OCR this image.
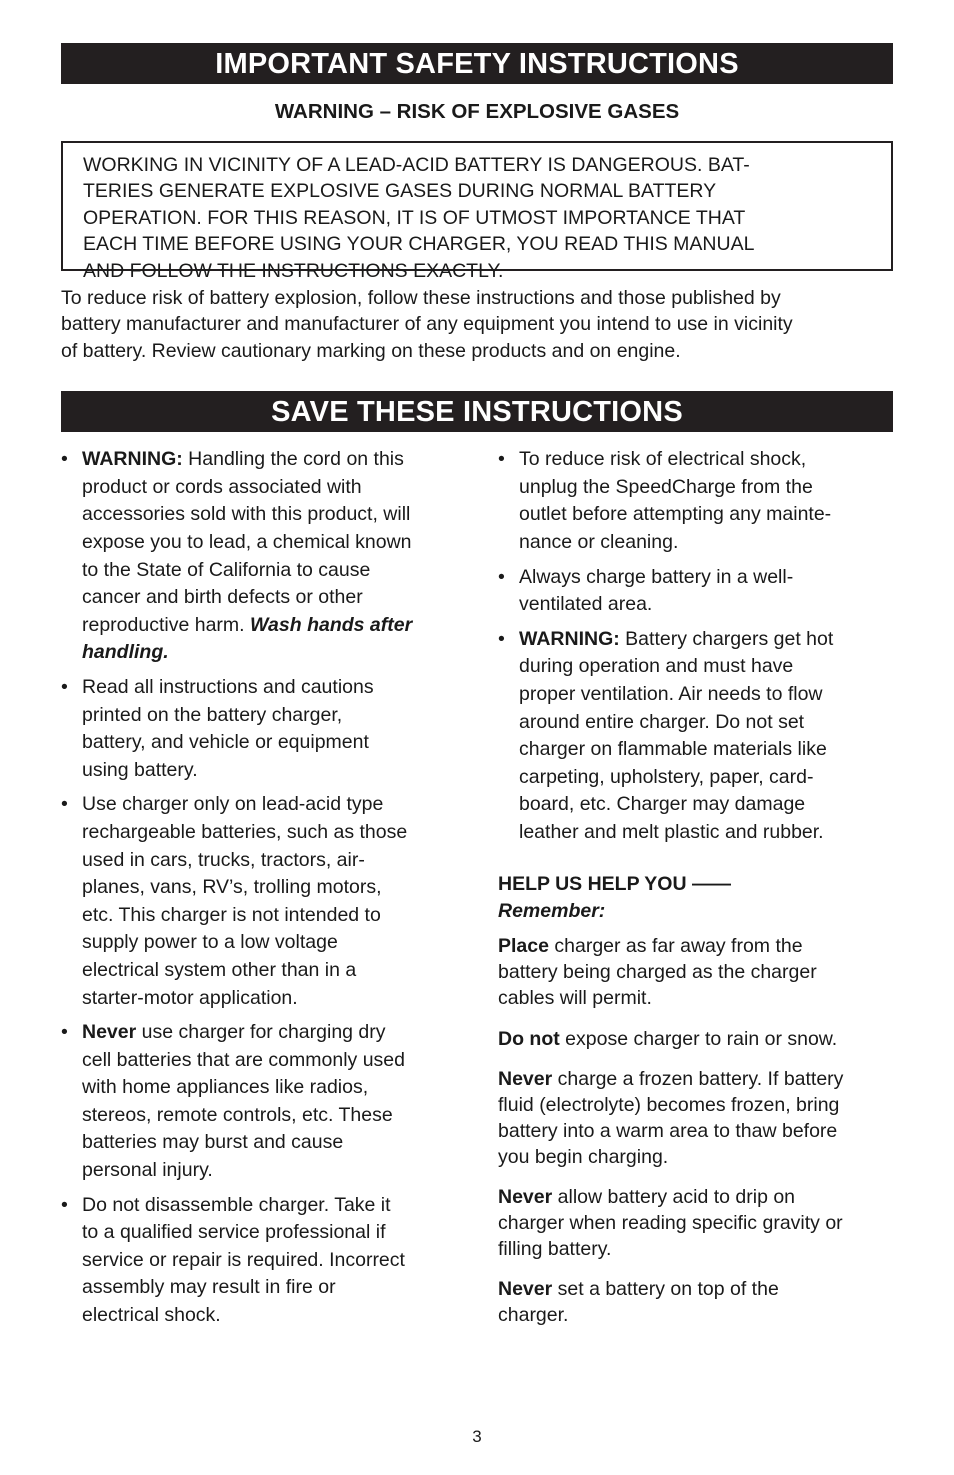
IMPORTANT SAFETY INSTRUCTIONS
WARNING – RISK OF EXPLOSIVE GASES
WORKING IN VICINITY OF A LEAD-ACID BATTERY IS DANGEROUS. BAT-
TERIES GENERATE EXPLOSIVE GASES DURING NORMAL BATTERY
OPERATION. FOR THIS REASON, IT IS OF UTMOST IMPORTANCE THAT
EACH TIME BEFORE USING YOUR CHARGER, YOU READ THIS MANUAL
AND FOLLOW THE INSTRUCTIONS EXACTLY.
To reduce risk of battery explosion, follow these instructions and those published by
battery manufacturer and manufacturer of any equipment you intend to use in vicinity
of battery. Review cautionary marking on these products and on engine.
SAVE THESE INSTRUCTIONS
• WARNING: Handling the cord on this
product or cords associated with
accessories sold with this product, will
expose you to lead, a chemical known
to the State of California to cause
cancer and birth defects or other
reproductive harm. Wash hands after
handling.
• Read all instructions and cautions
printed on the battery charger,
battery, and vehicle or equipment
using battery.
• Use charger only on lead-acid type
rechargeable batteries, such as those
used in cars, trucks, tractors, air-
planes, vans, RV’s, trolling motors,
etc. This charger is not intended to
supply power to a low voltage
electrical system other than in a
starter-motor application.
• Never use charger for charging dry
cell batteries that are commonly used
with home appliances like radios,
stereos, remote controls, etc. These
batteries may burst and cause
personal injury.
• Do not disassemble charger. Take it
to a qualified service professional if
service or repair is required. Incorrect
assembly may result in fire or
electrical shock.
• To reduce risk of electrical shock,
unplug the SpeedCharge from the
outlet before attempting any mainte-
nance or cleaning.
• Always charge battery in a well-
ventilated area.
• WARNING: Battery chargers get hot
during operation and must have
proper ventilation. Air needs to flow
around entire charger. Do not set
charger on flammable materials like
carpeting, upholstery, paper, card-
board, etc. Charger may damage
leather and melt plastic and rubber.
HELP US HELP YOU ——
Remember:
Place charger as far away from the
battery being charged as the charger
cables will permit.
Do not expose charger to rain or snow.
Never charge a frozen battery. If battery
fluid (electrolyte) becomes frozen, bring
battery into a warm area to thaw before
you begin charging.
Never allow battery acid to drip on
charger when reading specific gravity or
filling battery.
Never set a battery on top of the
charger.
3
